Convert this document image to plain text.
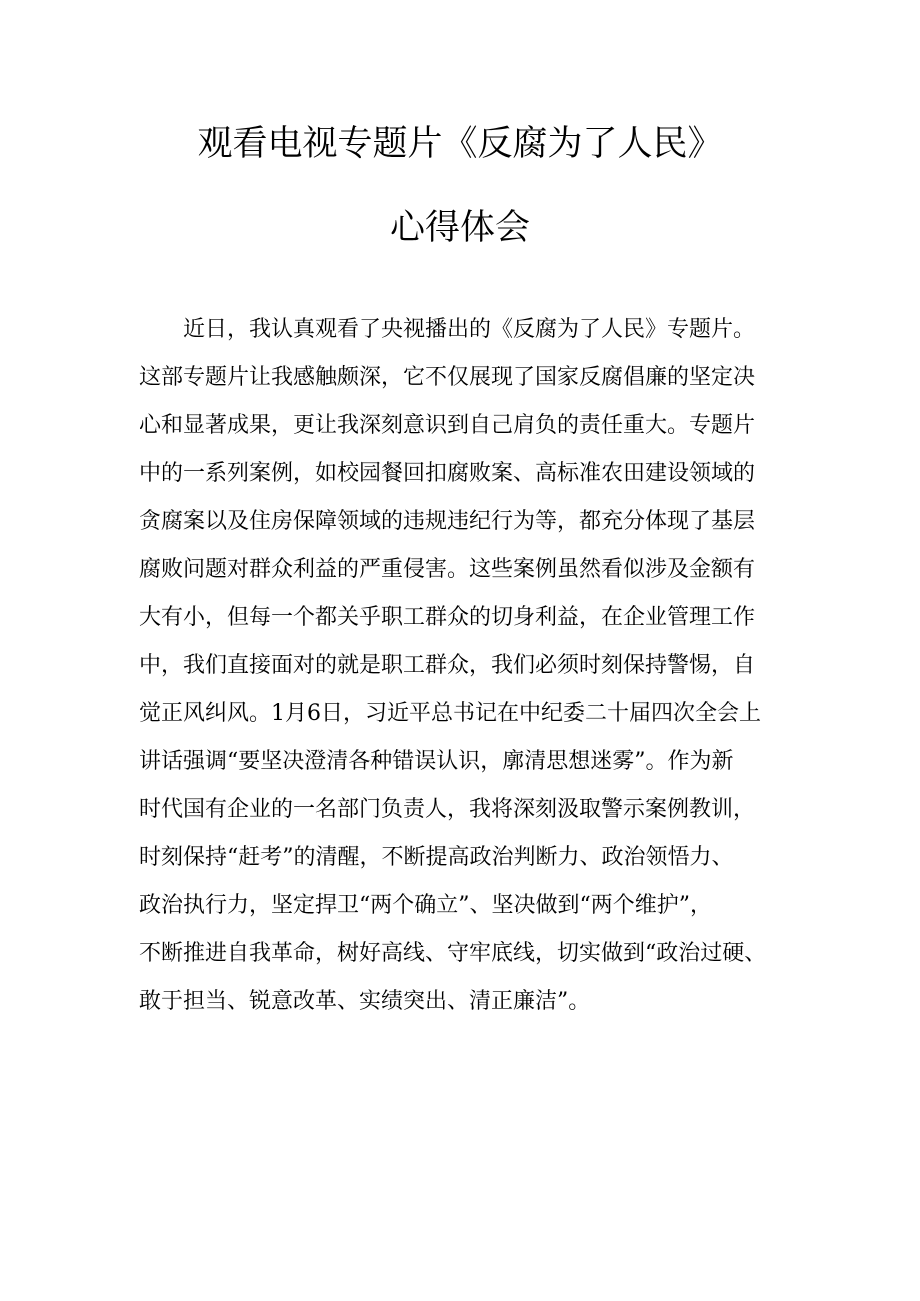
观看电视专题片《反腐为了人民》
心得体会
　　近日，我认真观看了央视播出的《反腐为了人民》专题片。
这部专题片让我感触颇深，它不仅展现了国家反腐倡廉的坚定决
心和显著成果，更让我深刻意识到自己肩负的责任重大。专题片
中的一系列案例，如校园餐回扣腐败案、高标准农田建设领域的
贪腐案以及住房保障领域的违规违纪行为等，都充分体现了基层
腐败问题对群众利益的严重侵害。这些案例虽然看似涉及金额有
大有小，但每一个都关乎职工群众的切身利益，在企业管理工作
中，我们直接面对的就是职工群众，我们必须时刻保持警惕，自
觉正风纠风。1月6日，习近平总书记在中纪委二十届四次全会上
讲话强调“要坚决澄清各种错误认识，廓清思想迷雾”。作为新
时代国有企业的一名部门负责人，我将深刻汲取警示案例教训，
时刻保持“赶考”的清醒，不断提高政治判断力、政治领悟力、
政治执行力，坚定捍卫“两个确立”、坚决做到“两个维护”，
不断推进自我革命，树好高线、守牢底线，切实做到“政治过硬、
敢于担当、锐意改革、实绩突出、清正廉洁”。
